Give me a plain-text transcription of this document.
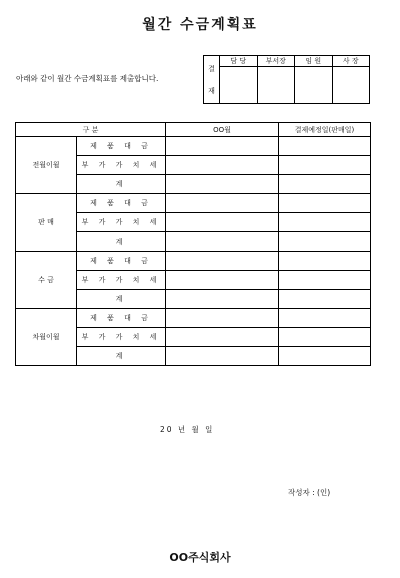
월간 수금계획표
아래와 같이 월간 수금계획표를 제출합니다.
결
재	담 당	부서장	임 원	사 장

구 분		OO월	결제예정일(판매일)
전월이월	제 품 대 금		
	부 가 가 치 세		
	계		
판 매	제 품 대 금		
	부 가 가 치 세		
	계		
수 금	제 품 대 금		
	부 가 가 치 세		
	계		
차월이월	제 품 대 금		
	부 가 가 치 세		
	계		
20 년 월 일
작성자 : (인)
OO주식회사
